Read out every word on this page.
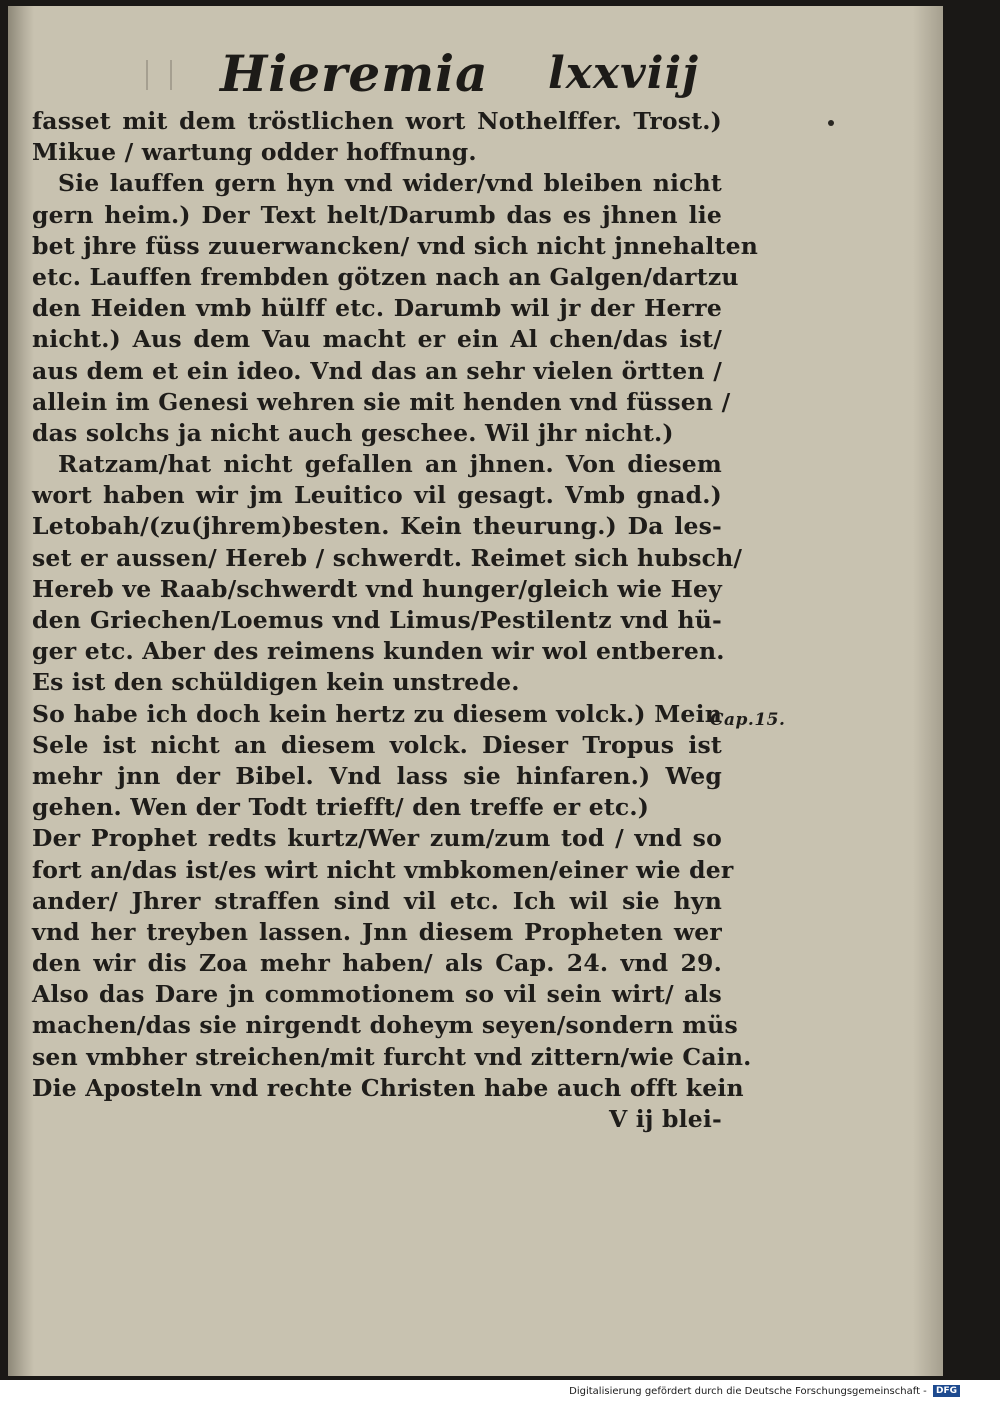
Hieremia lxxviij
fasset mit dem tröstlichen wort Nothelffer. Trost.)
Mikue / wartung odder hoffnung.
Sie lauffen gern hyn vnd wider/vnd bleiben nicht
gern heim.) Der Text helt/Darumb das es jhnen lie
bet jhre füss zuuerwancken/ vnd sich nicht jnnehalten
etc. Lauffen frembden götzen nach an Galgen/dartzu
den Heiden vmb hülff etc. Darumb wil jr der Herre
nicht.) Aus dem Vau macht er ein Al chen/das ist/
aus dem et ein ideo. Vnd das an sehr vielen örtten /
allein im Genesi wehren sie mit henden vnd füssen /
das solchs ja nicht auch geschee. Wil jhr nicht.)
Ratzam/hat nicht gefallen an jhnen. Von diesem
wort haben wir jm Leuitico vil gesagt. Vmb gnad.)
Letobah/(zu(jhrem)besten. Kein theurung.) Da les-
set er aussen/ Hereb / schwerdt. Reimet sich hubsch/
Hereb ve Raab/schwerdt vnd hunger/gleich wie Hey
den Griechen/Loemus vnd Limus/Pestilentz vnd hü-
ger etc. Aber des reimens kunden wir wol entberen.
Es ist den schüldigen kein unstrede.
So habe ich doch kein hertz zu diesem volck.) Mein
Sele ist nicht an diesem volck. Dieser Tropus ist
mehr jnn der Bibel. Vnd lass sie hinfaren.) Weg
gehen. Wen der Todt triefft/ den treffe er etc.)
Der Prophet redts kurtz/Wer zum/zum tod / vnd so
fort an/das ist/es wirt nicht vmbkomen/einer wie der
ander/ Jhrer straffen sind vil etc. Ich wil sie hyn
vnd her treyben lassen. Jnn diesem Propheten wer
den wir dis Zoa mehr haben/ als Cap. 24. vnd 29.
Also das Dare jn commotionem so vil sein wirt/ als
machen/das sie nirgendt doheym seyen/sondern müs
sen vmbher streichen/mit furcht vnd zittern/wie Cain.
Die Aposteln vnd rechte Christen habe auch offt kein
V ij blei-
Cap.15.
Digitalisierung gefördert durch die Deutsche Forschungsgemeinschaft - DFG
